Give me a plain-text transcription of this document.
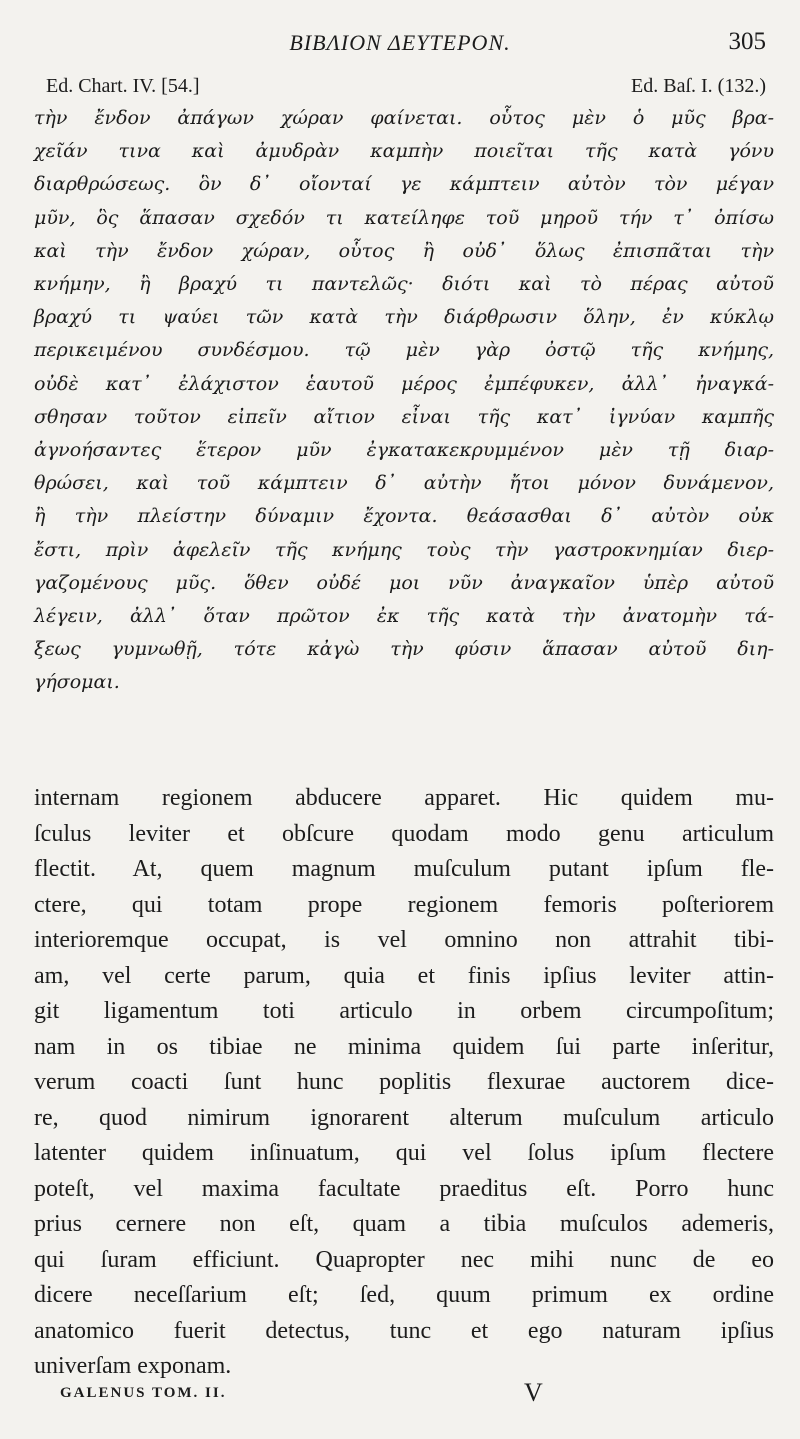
BIBΛIOΝ ΔΕΥΤΕΡΟΝ.	305
Ed. Chart. IV. [54.]	Ed. Baſ. I. (132.)
τὴν ἔνδον ἀπάγων χώραν φαίνεται. οὗτος μὲν ὁ μῦς βρα-
χεῖάν τινα καὶ ἀμυδρὰν καμπὴν ποιεῖται τῆς κατὰ γόνυ
διαρθρώσεως. ὃν δ᾽ οἴονταί γε κάμπτειν αὐτὸν τὸν μέγαν
μῦν, ὃς ἅπασαν σχεδόν τι κατείληφε τοῦ μηροῦ τήν τ᾽ ὀπίσω
καὶ τὴν ἔνδον χώραν, οὗτος ἢ οὐδ᾽ ὅλως ἐπισπᾶται τὴν
κνήμην, ἢ βραχύ τι παντελῶς· διότι καὶ τὸ πέρας αὐτοῦ
βραχύ τι ψαύει τῶν κατὰ τὴν διάρθρωσιν ὅλην, ἐν κύκλῳ
περικειμένου συνδέσμου. τῷ μὲν γὰρ ὀστῷ τῆς κνήμης,
οὐδὲ κατ᾽ ἐλάχιστον ἑαυτοῦ μέρος ἐμπέφυκεν, ἀλλ᾽ ἠναγκά-
σθησαν τοῦτον εἰπεῖν αἴτιον εἶναι τῆς κατ᾽ ἰγνύαν καμπῆς
ἀγνοήσαντες ἕτερον μῦν ἐγκατακεκρυμμένον μὲν τῇ διαρ-
θρώσει, καὶ τοῦ κάμπτειν δ᾽ αὐτὴν ἤτοι μόνον δυνάμενον,
ἢ τὴν πλείστην δύναμιν ἔχοντα. θεάσασθαι δ᾽ αὐτὸν οὐκ
ἔστι, πρὶν ἀφελεῖν τῆς κνήμης τοὺς τὴν γαστροκνημίαν διερ-
γαζομένους μῦς. ὅθεν οὐδέ μοι νῦν ἀναγκαῖον ὑπὲρ αὐτοῦ
λέγειν, ἀλλ᾽ ὅταν πρῶτον ἐκ τῆς κατὰ τὴν ἀνατομὴν τά-
ξεως γυμνωθῇ, τότε κἀγὼ τὴν φύσιν ἅπασαν αὐτοῦ διη-
γήσομαι.
internam regionem abducere apparet. Hic quidem mu-
ſculus leviter et obſcure quodam modo genu articulum
flectit. At, quem magnum muſculum putant ipſum fle-
ctere, qui totam prope regionem femoris poſteriorem
interioremque occupat, is vel omnino non attrahit tibi-
am, vel certe parum, quia et finis ipſius leviter attin-
git ligamentum toti articulo in orbem circumpoſitum;
nam in os tibiae ne minima quidem ſui parte inſeritur,
verum coacti ſunt hunc poplitis flexurae auctorem dice-
re, quod nimirum ignorarent alterum muſculum articulo
latenter quidem inſinuatum, qui vel ſolus ipſum flectere
poteſt, vel maxima facultate praeditus eſt. Porro hunc
prius cernere non eſt, quam a tibia muſculos ademeris,
qui ſuram efficiunt. Quapropter nec mihi nunc de eo
dicere neceſſarium eſt; ſed, quum primum ex ordine
anatomico fuerit detectus, tunc et ego naturam ipſius
univerſam exponam.
GALENUS TOM. II.	V
